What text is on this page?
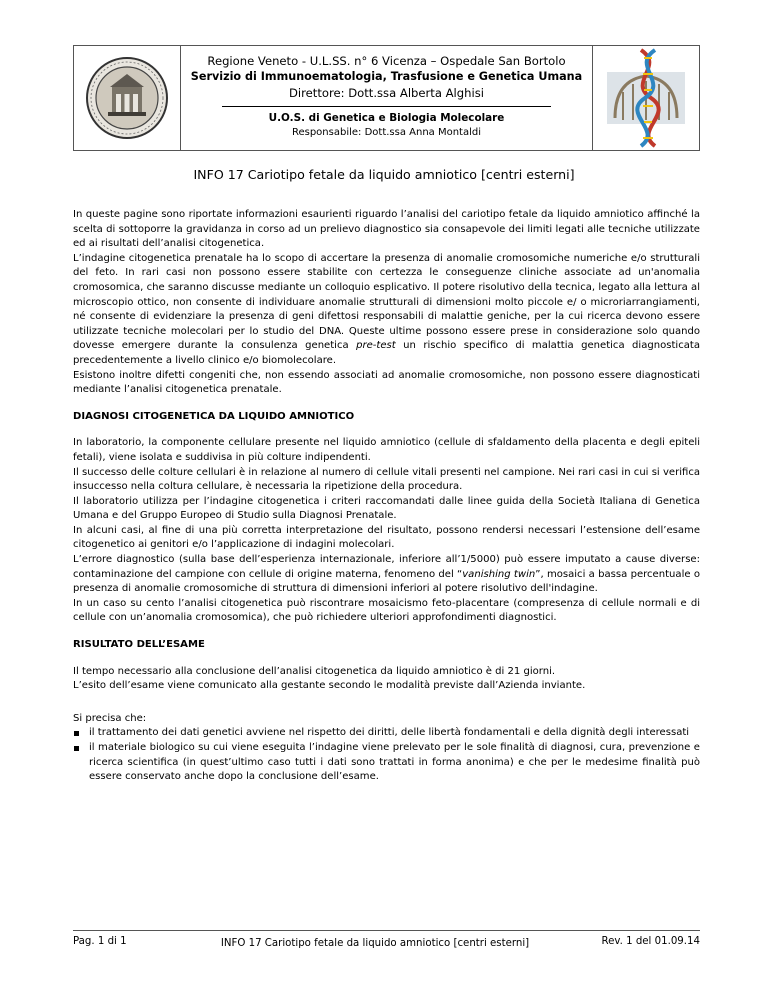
Regione Veneto - U.L.SS. n° 6 Vicenza – Ospedale San Bortolo
Servizio di Immunoematologia, Trasfusione e Genetica Umana
Direttore: Dott.ssa Alberta Alghisi
U.O.S. di Genetica e Biologia Molecolare
Responsabile: Dott.ssa Anna Montaldi
INFO 17 Cariotipo fetale da liquido amniotico [centri esterni]

In queste pagine sono riportate informazioni esaurienti riguardo l’analisi del cariotipo fetale da liquido amniotico affinché la scelta di sottoporre la gravidanza in corso ad un prelievo diagnostico sia consapevole dei limiti legati alle tecniche utilizzate ed ai risultati dell’analisi citogenetica.

L’indagine citogenetica prenatale ha lo scopo di accertare la presenza di anomalie cromosomiche numeriche e/o strutturali del feto. In rari casi non possono essere stabilite con certezza le conseguenze cliniche associate ad un'anomalia cromosomica, che saranno discusse mediante un colloquio esplicativo. Il potere risolutivo della tecnica, legato alla lettura al microscopio ottico, non consente di individuare anomalie strutturali di dimensioni molto piccole e/ o microriarrangiamenti, né consente di evidenziare la presenza di geni difettosi responsabili di malattie geniche, per la cui ricerca devono essere utilizzate tecniche molecolari per lo studio del DNA. Queste ultime possono essere prese in considerazione solo quando dovesse emergere durante la consulenza genetica pre-test un rischio specifico di malattia genetica diagnosticata precedentemente a livello clinico e/o biomolecolare.

Esistono inoltre difetti congeniti che, non essendo associati ad anomalie cromosomiche, non possono essere diagnosticati mediante l’analisi citogenetica prenatale.

DIAGNOSI CITOGENETICA DA LIQUIDO AMNIOTICO

In laboratorio, la componente cellulare presente nel liquido amniotico (cellule di sfaldamento della placenta e degli epiteli fetali), viene isolata e suddivisa in più colture indipendenti.

Il successo delle colture cellulari è in relazione al numero di cellule vitali presenti nel campione. Nei rari casi in cui si verifica insuccesso nella coltura cellulare, è necessaria la ripetizione della procedura.

Il laboratorio utilizza per l’indagine citogenetica i criteri raccomandati dalle linee guida della Società Italiana di Genetica Umana e del Gruppo Europeo di Studio sulla Diagnosi Prenatale.

In alcuni casi, al fine di una più corretta interpretazione del risultato, possono rendersi necessari l’estensione dell’esame citogenetico ai genitori e/o l’applicazione di indagini molecolari.

L’errore diagnostico (sulla base dell’esperienza internazionale, inferiore all’1/5000) può essere imputato a cause diverse: contaminazione del campione con cellule di origine materna, fenomeno del “vanishing twin”, mosaici a bassa percentuale o presenza di anomalie cromosomiche di struttura di dimensioni inferiori al potere risolutivo dell'indagine.

In un caso su cento l’analisi citogenetica può riscontrare mosaicismo feto-placentare (compresenza di cellule normali e di cellule con un’anomalia cromosomica), che può richiedere ulteriori approfondimenti diagnostici.

RISULTATO DELL’ESAME

Il tempo necessario alla conclusione dell’analisi citogenetica da liquido amniotico è di 21 giorni.

L’esito dell’esame viene comunicato alla gestante secondo le modalità previste dall’Azienda inviante.

Si precisa che:

il trattamento dei dati genetici avviene nel rispetto dei diritti, delle libertà fondamentali e della dignità degli interessati
il materiale biologico su cui viene eseguita l’indagine viene prelevato per le sole finalità di diagnosi, cura, prevenzione e ricerca scientifica (in quest’ultimo caso tutti i dati sono trattati in forma anonima) e che per le medesime finalità può essere conservato anche dopo la conclusione dell’esame.
Pag. 1 di 1	INFO 17 Cariotipo fetale da liquido amniotico [centri esterni]	Rev. 1 del 01.09.14
